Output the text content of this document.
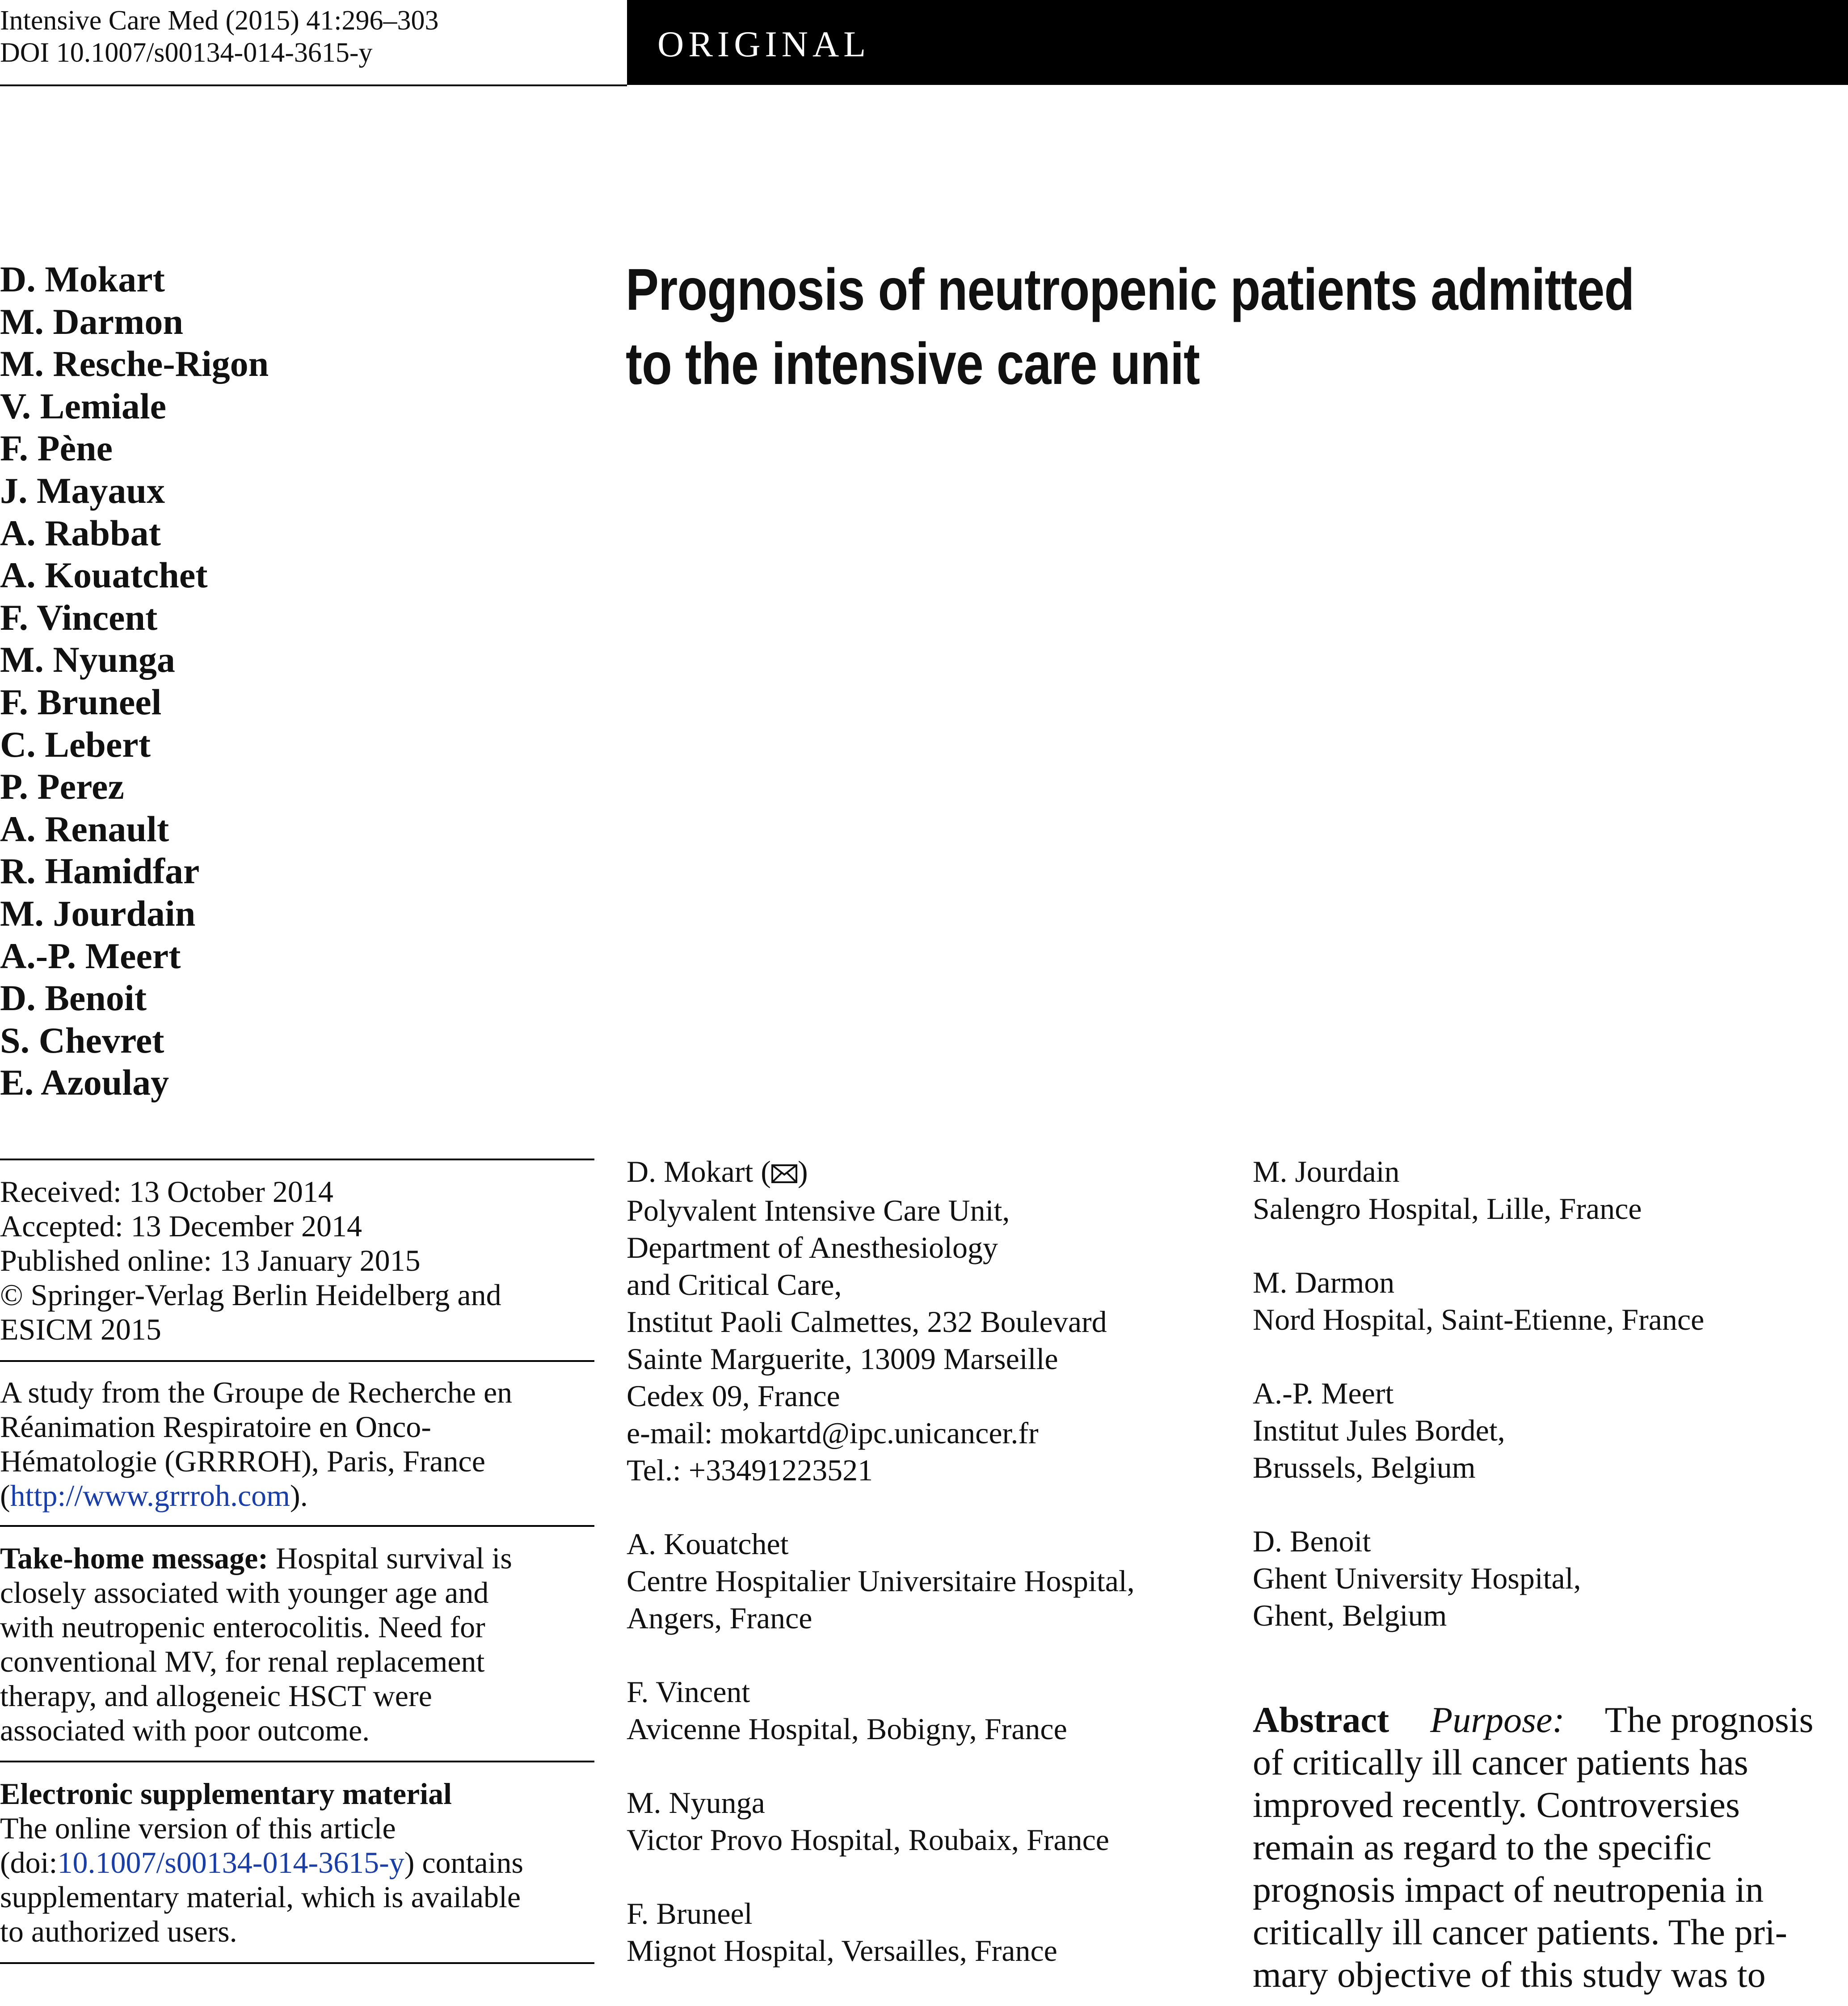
Intensive Care Med (2015) 41:296–303
DOI 10.1007/s00134-014-3615-y	ORIGINAL
D. Mokart
M. Darmon
M. Resche-Rigon
V. Lemiale
F. Pène
J. Mayaux
A. Rabbat
A. Kouatchet
F. Vincent
M. Nyunga
F. Bruneel
C. Lebert
P. Perez
A. Renault
R. Hamidfar
M. Jourdain
A.-P. Meert
D. Benoit
S. Chevret
E. Azoulay
Prognosis of neutropenic patients admitted
to the intensive care unit
Received: 13 October 2014
Accepted: 13 December 2014
Published online: 13 January 2015
© Springer-Verlag Berlin Heidelberg and
ESICM 2015
A study from the Groupe de Recherche en
Réanimation Respiratoire en Onco-
Hématologie (GRRROH), Paris, France
(http://www.grrroh.com).
Take-home message: Hospital survival is
closely associated with younger age and
with neutropenic enterocolitis. Need for
conventional MV, for renal replacement
therapy, and allogeneic HSCT were
associated with poor outcome.
Electronic supplementary material
The online version of this article
(doi:10.1007/s00134-014-3615-y) contains
supplementary material, which is available
to authorized users.
D. Mokart ( )
Polyvalent Intensive Care Unit,
Department of Anesthesiology
and Critical Care,
Institut Paoli Calmettes, 232 Boulevard
Sainte Marguerite, 13009 Marseille
Cedex 09, France
e-mail: mokartd@ipc.unicancer.fr
Tel.: +33491223521
A. Kouatchet
Centre Hospitalier Universitaire Hospital,
Angers, France
F. Vincent
Avicenne Hospital, Bobigny, France
M. Nyunga
Victor Provo Hospital, Roubaix, France
F. Bruneel
Mignot Hospital, Versailles, France
M. Jourdain
Salengro Hospital, Lille, France
M. Darmon
Nord Hospital, Saint-Etienne, France
A.-P. Meert
Institut Jules Bordet,
Brussels, Belgium
D. Benoit
Ghent University Hospital,
Ghent, Belgium
Abstract Purpose: The prognosis
of critically ill cancer patients has
improved recently. Controversies
remain as regard to the specific
prognosis impact of neutropenia in
critically ill cancer patients. The pri-
mary objective of this study was to
